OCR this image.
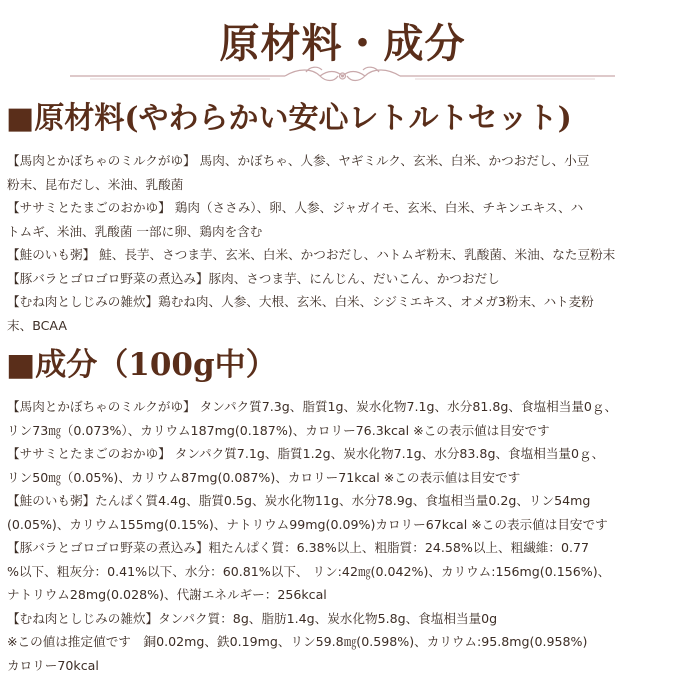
原材料・成分
■原材料(やわらかい安心レトルトセット)
【馬肉とかぼちゃのミルクがゆ】 馬肉、かぼちゃ、人参、ヤギミルク、玄米、白米、かつおだし、小豆
粉末、昆布だし、米油、乳酸菌
【ササミとたまごのおかゆ】 鶏肉（ささみ）、卵、人参、ジャガイモ、玄米、白米、チキンエキス、ハ
トムギ、米油、乳酸菌 一部に卵、鶏肉を含む
【鮭のいも粥】 鮭、長芋、さつま芋、玄米、白米、かつおだし、ハトムギ粉末、乳酸菌、米油、なた豆粉末
【豚バラとゴロゴロ野菜の煮込み】豚肉、さつま芋、にんじん、だいこん、かつおだし
【むね肉としじみの雑炊】鶏むね肉、人参、大根、玄米、白米、シジミエキス、オメガ3粉末、ハト麦粉
末、BCAA
■成分（100g中）
【馬肉とかぼちゃのミルクがゆ】 タンパク質7.3g、脂質1g、炭水化物7.1g、水分81.8g、食塩相当量0ｇ、
リン73㎎（0.073%）、カリウム187mg(0.187%)、カロリー76.3kcal ※この表示値は目安です
【ササミとたまごのおかゆ】 タンパク質7.1g、脂質1.2g、炭水化物7.1g、水分83.8g、食塩相当量0ｇ、
リン50㎎（0.05%)、カリウム87mg(0.087%)、カロリー71kcal ※この表示値は目安です
【鮭のいも粥】たんぱく質4.4g、脂質0.5g、炭水化物11g、水分78.9g、食塩相当量0.2g、リン54mg
(0.05%)、カリウム155mg(0.15%)、ナトリウム99mg(0.09%)カロリー67kcal ※この表示値は目安です
【豚バラとゴロゴロ野菜の煮込み】粗たんぱく質：6.38%以上、粗脂質：24.58%以上、粗繊維：0.77
%以下、粗灰分：0.41%以下、水分：60.81%以下、 リン:42㎎(0.042%)、カリウム:156mg(0.156%)、
ナトリウム28mg(0.028%)、代謝エネルギー：256kcal
【むね肉としじみの雑炊】タンパク質：8g、脂肪1.4g、炭水化物5.8g、食塩相当量0g
※この値は推定値です　銅0.02mg、鉄0.19mg、リン59.8㎎(0.598%)、カリウム:95.8mg(0.958%)
カロリー70kcal
